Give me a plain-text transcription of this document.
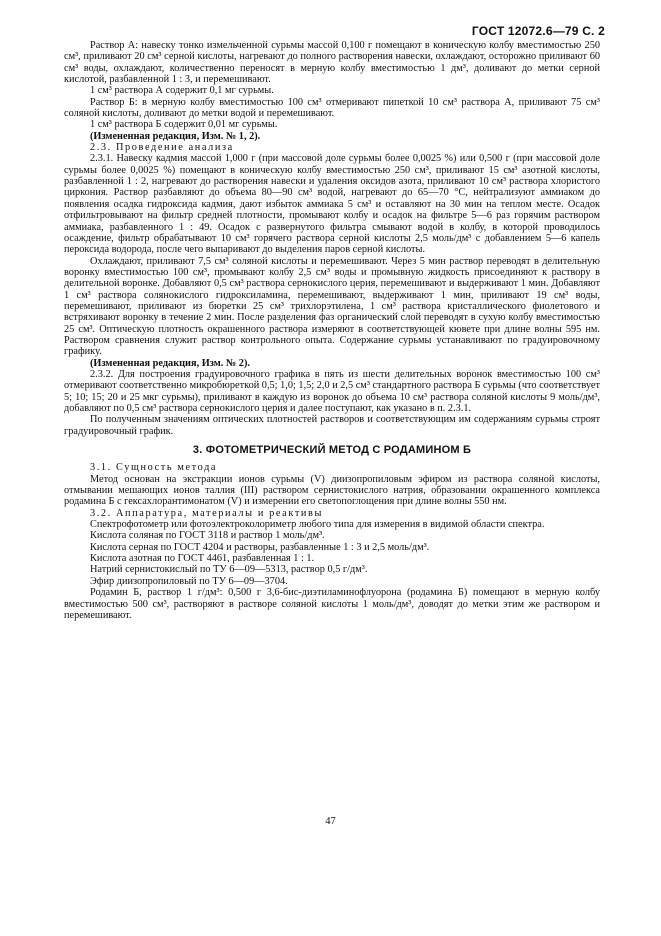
ГОСТ 12072.6—79 С. 2

Раствор А: навеску тонко измельченной сурьмы массой 0,100 г помещают в коническую колбу вместимостью 250 см³, приливают 20 см³ серной кислоты, нагревают до полного растворения навески, охлаждают, осторожно приливают 60 см³ воды, охлаждают, количественно переносят в мерную колбу вместимостью 1 дм³, доливают до метки серной кислотой, разбавленной 1 : 3, и перемешивают.

1 см³ раствора А содержит 0,1 мг сурьмы.

Раствор Б: в мерную колбу вместимостью 100 см³ отмеривают пипеткой 10 см³ раствора А, приливают 75 см³ соляной кислоты, доливают до метки водой и перемешивают.

1 см³ раствора Б содержит 0,01 мг сурьмы.

(Измененная редакция, Изм. № 1, 2).

2.3. Проведение анализа

2.3.1. Навеску кадмия массой 1,000 г (при массовой доле сурьмы более 0,0025 %) или 0,500 г (при массовой доле сурьмы более 0,0025 %) помещают в коническую колбу вместимостью 250 см³, приливают 15 см³ азотной кислоты, разбавленной 1 : 2, нагревают до растворения навески и удаления оксидов азота, приливают 10 см³ раствора хлористого циркония. Раствор разбавляют до объема 80—90 см³ водой, нагревают до 65—70 °С, нейтрализуют аммиаком до появления осадка гидроксида кадмия, дают избыток аммиака 5 см³ и оставляют на 30 мин на теплом месте. Осадок отфильтровывают на фильтр средней плотности, промывают колбу и осадок на фильтре 5—6 раз горячим раствором аммиака, разбавленного 1 : 49. Осадок с развернутого фильтра смывают водой в колбу, в которой проводилось осаждение, фильтр обрабатывают 10 см³ горячего раствора серной кислоты 2,5 моль/дм³ с добавлением 5—6 капель пероксида водорода, после чего выпаривают до выделения паров серной кислоты.

Охлаждают, приливают 7,5 см³ соляной кислоты и перемешивают. Через 5 мин раствор переводят в делительную воронку вместимостью 100 см³, промывают колбу 2,5 см³ воды и промывную жидкость присоединяют к раствору в делительной воронке. Добавляют 0,5 см³ раствора сернокислого церия, перемешивают и выдерживают 1 мин. Добавляют 1 см³ раствора солянокислого гидроксиламина, перемешивают, выдерживают 1 мин, приливают 19 см³ воды, перемешивают, приливают из бюретки 25 см³ трихлорэтилена, 1 см³ раствора кристаллического фиолетового и встряхивают воронку в течение 2 мин. После разделения фаз органический слой переводят в сухую колбу вместимостью 25 см³. Оптическую плотность окрашенного раствора измеряют в соответствующей кювете при длине волны 595 нм. Раствором сравнения служит раствор контрольного опыта. Содержание сурьмы устанавливают по градуировочному графику.

(Измененная редакция, Изм. № 2).

2.3.2. Для построения градуировочного графика в пять из шести делительных воронок вместимостью 100 см³ отмеривают соответственно микробюреткой 0,5; 1,0; 1,5; 2,0 и 2,5 см³ стандартного раствора Б сурьмы (что соответствует 5; 10; 15; 20 и 25 мкг сурьмы), приливают в каждую из воронок до объема 10 см³ раствора соляной кислоты 9 моль/дм³, добавляют по 0,5 см³ раствора сернокислого церия и далее поступают, как указано в п. 2.3.1.

По полученным значениям оптических плотностей растворов и соответствующим им содержаниям сурьмы строят градуировочный график.

3. ФОТОМЕТРИЧЕСКИЙ МЕТОД С РОДАМИНОМ Б

3.1. Сущность метода

Метод основан на экстракции ионов сурьмы (V) диизопропиловым эфиром из раствора соляной кислоты, отмывании мешающих ионов таллия (III) раствором сернистокислого натрия, образовании окрашенного комплекса родамина Б с гексахлорантимонатом (V) и измерении его светопоглощения при длине волны 550 нм.

3.2. Аппаратура, материалы и реактивы

Спектрофотометр или фотоэлектроколориметр любого типа для измерения в видимой области спектра.

Кислота соляная по ГОСТ 3118 и раствор 1 моль/дм³.

Кислота серная по ГОСТ 4204 и растворы, разбавленные 1 : 3 и 2,5 моль/дм³.

Кислота азотная по ГОСТ 4461, разбавленная 1 : 1.

Натрий сернистокислый по ТУ 6—09—5313, раствор 0,5 г/дм³.

Эфир диизопропиловый по ТУ 6—09—3704.

Родамин Б, раствор 1 г/дм³: 0,500 г 3,6-бис-диэтиламинофлуорона (родамина Б) помещают в мерную колбу вместимостью 500 см³, растворяют в растворе соляной кислоты 1 моль/дм³, доводят до метки этим же раствором и перемешивают.

47
